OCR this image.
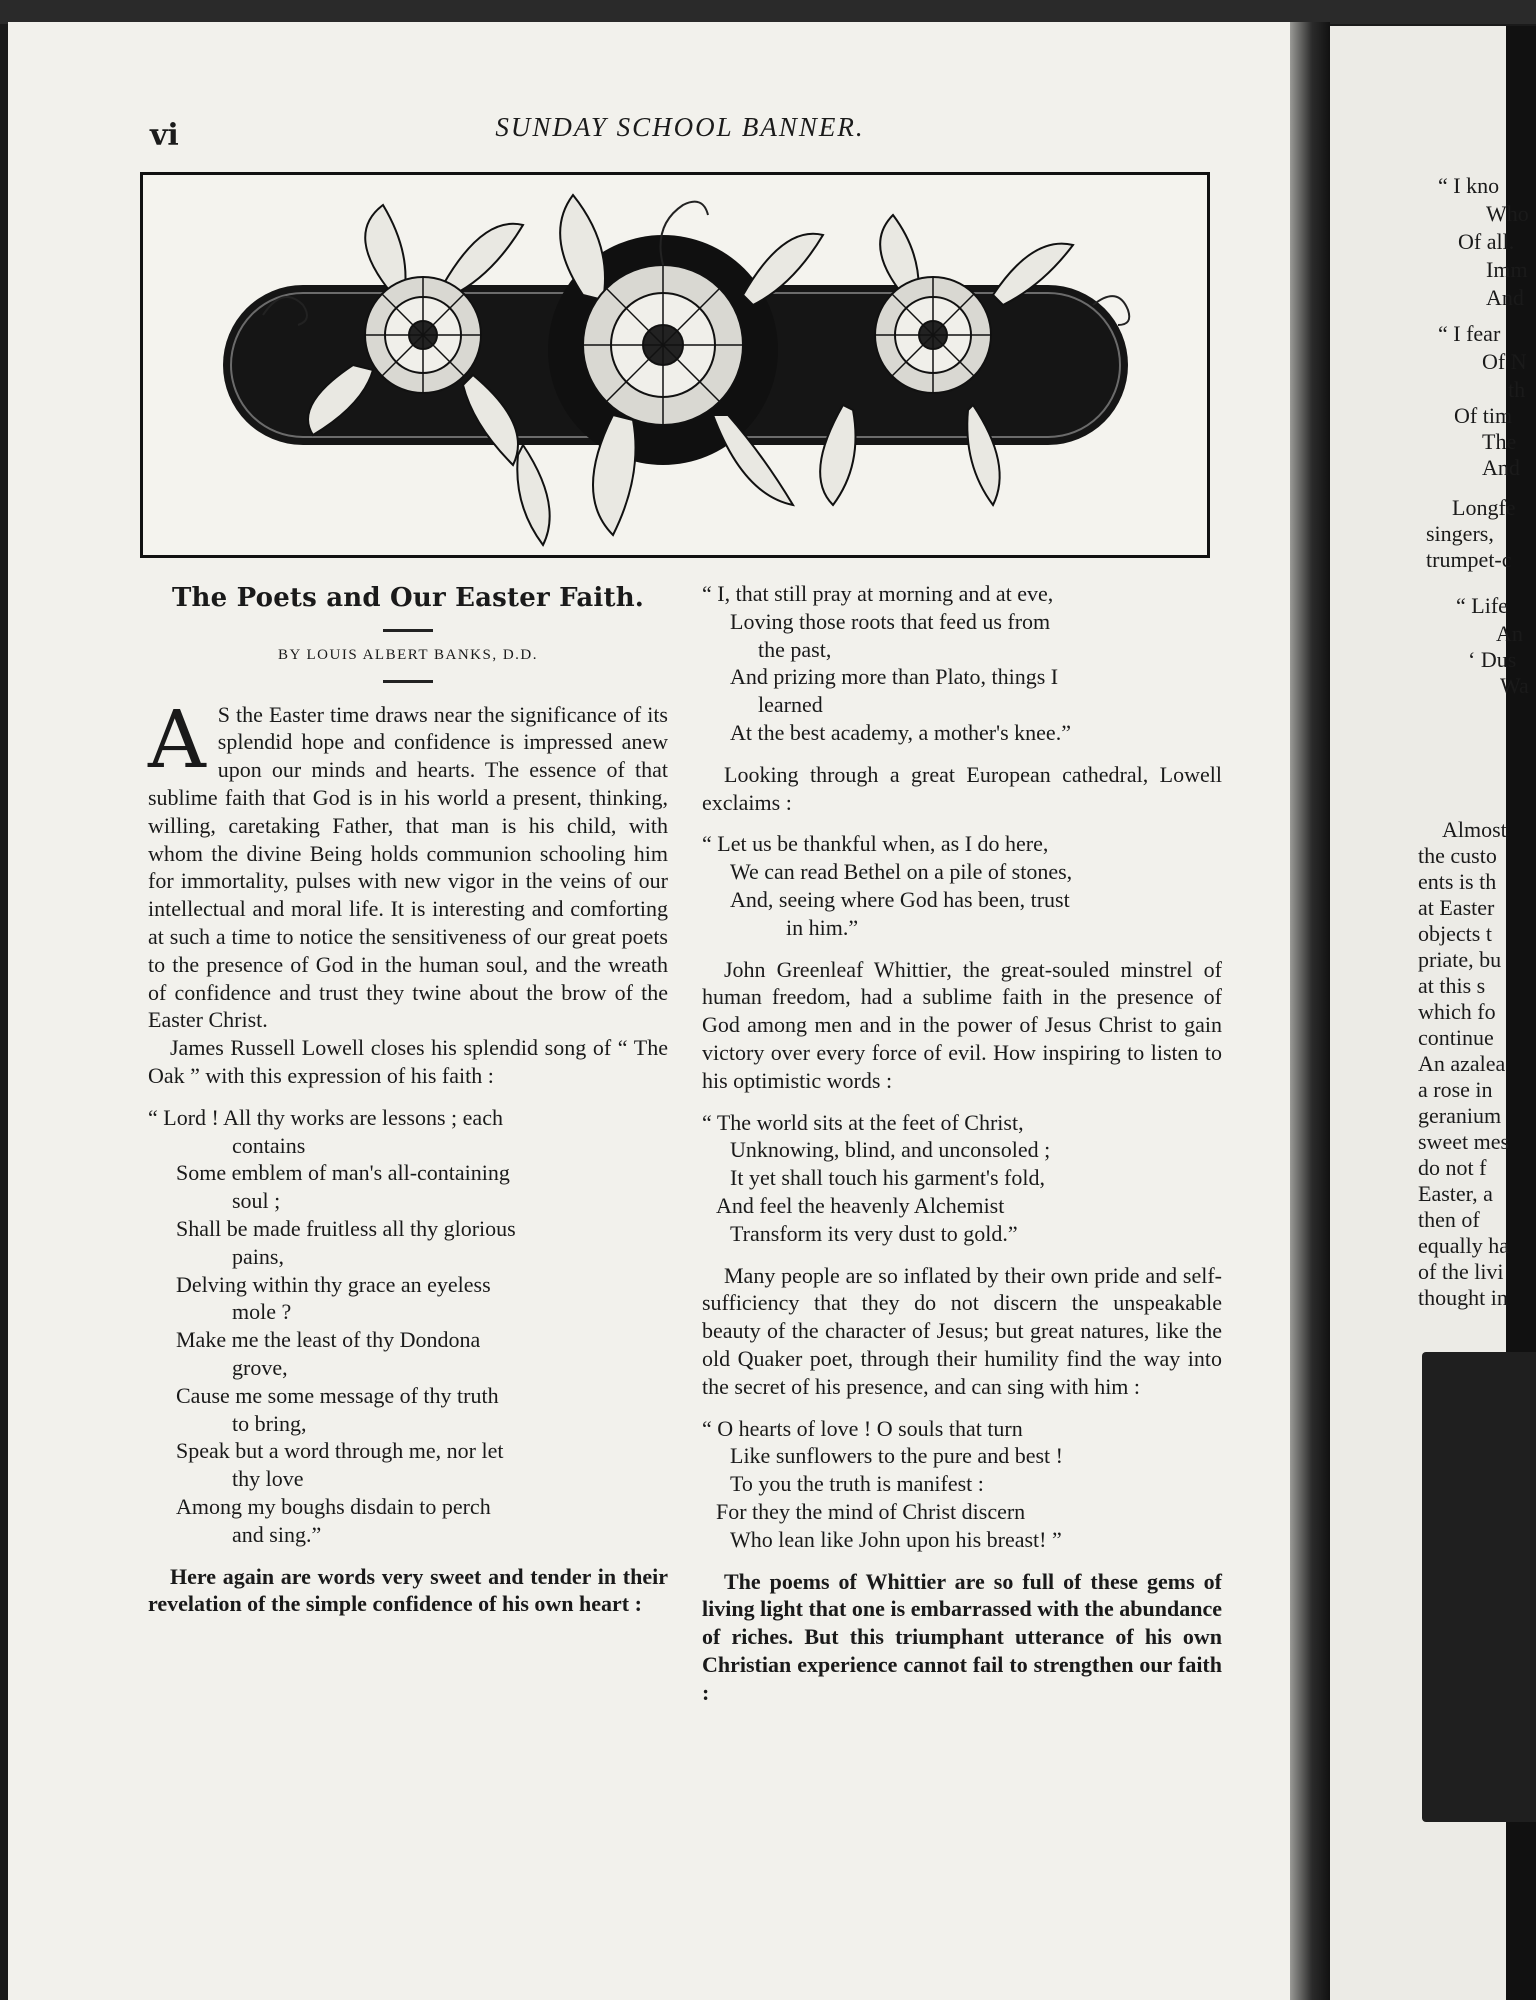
vi	SUNDAY SCHOOL BANNER.
The Poets and Our Easter Faith.
BY LOUIS ALBERT BANKS, D.D.

A S the Easter time draws near the significance of its splendid hope and confidence is impressed anew upon our minds and hearts. The essence of that sublime faith that God is in his world a present, thinking, willing, caretaking Father, that man is his child, with whom the divine Being holds communion schooling him for immortality, pulses with new vigor in the veins of our intellectual and moral life. It is interesting and comforting at such a time to notice the sensitiveness of our great poets to the presence of God in the human soul, and the wreath of confidence and trust they twine about the brow of the Easter Christ.

James Russell Lowell closes his splendid song of “ The Oak ” with this expression of his faith :

“ Lord ! All thy works are lessons ; each
contains
Some emblem of man's all-containing
soul ;
Shall be made fruitless all thy glorious
pains,
Delving within thy grace an eyeless
mole ?
Make me the least of thy Dondona
grove,
Cause me some message of thy truth
to bring,
Speak but a word through me, nor let
thy love
Among my boughs disdain to perch
and sing.”

Here again are words very sweet and tender in their revelation of the simple confidence of his own heart :

“ I, that still pray at morning and at eve,
Loving those roots that feed us from
the past,
And prizing more than Plato, things I
learned
At the best academy, a mother's knee.”

Looking through a great European cathedral, Lowell exclaims :

“ Let us be thankful when, as I do here,
We can read Bethel on a pile of stones,
And, seeing where God has been, trust
in him.”

John Greenleaf Whittier, the great-souled minstrel of human freedom, had a sublime faith in the presence of God among men and in the power of Jesus Christ to gain victory over every force of evil. How inspiring to listen to his optimistic words :

“ The world sits at the feet of Christ,
Unknowing, blind, and unconsoled ;
It yet shall touch his garment's fold,
And feel the heavenly Alchemist
Transform its very dust to gold.”

Many people are so inflated by their own pride and self-sufficiency that they do not discern the unspeakable beauty of the character of Jesus; but great natures, like the old Quaker poet, through their humility find the way into the secret of his presence, and can sing with him :

“ O hearts of love ! O souls that turn
Like sunflowers to the pure and best !
To you the truth is manifest :
For they the mind of Christ discern
Who lean like John upon his breast! ”

The poems of Whittier are so full of these gems of living light that one is embarrassed with the abundance of riches. But this triumphant utterance of his own Christian experience cannot fail to strengthen our faith :

“ I kno
Who
Of all.
Imm
And
“ I fear
Of N
th
Of tim
The
And
Longfe
singers,
trumpet-c
“ Life
An
‘ Dus
Wa
Almost
the custo
ents is th
at Easter
objects t
priate, bu
at this s
which fo
continue
An azalea
a rose in
geranium
sweet mes
do not f
Easter, a
then of
equally ha
of the livi
thought in
